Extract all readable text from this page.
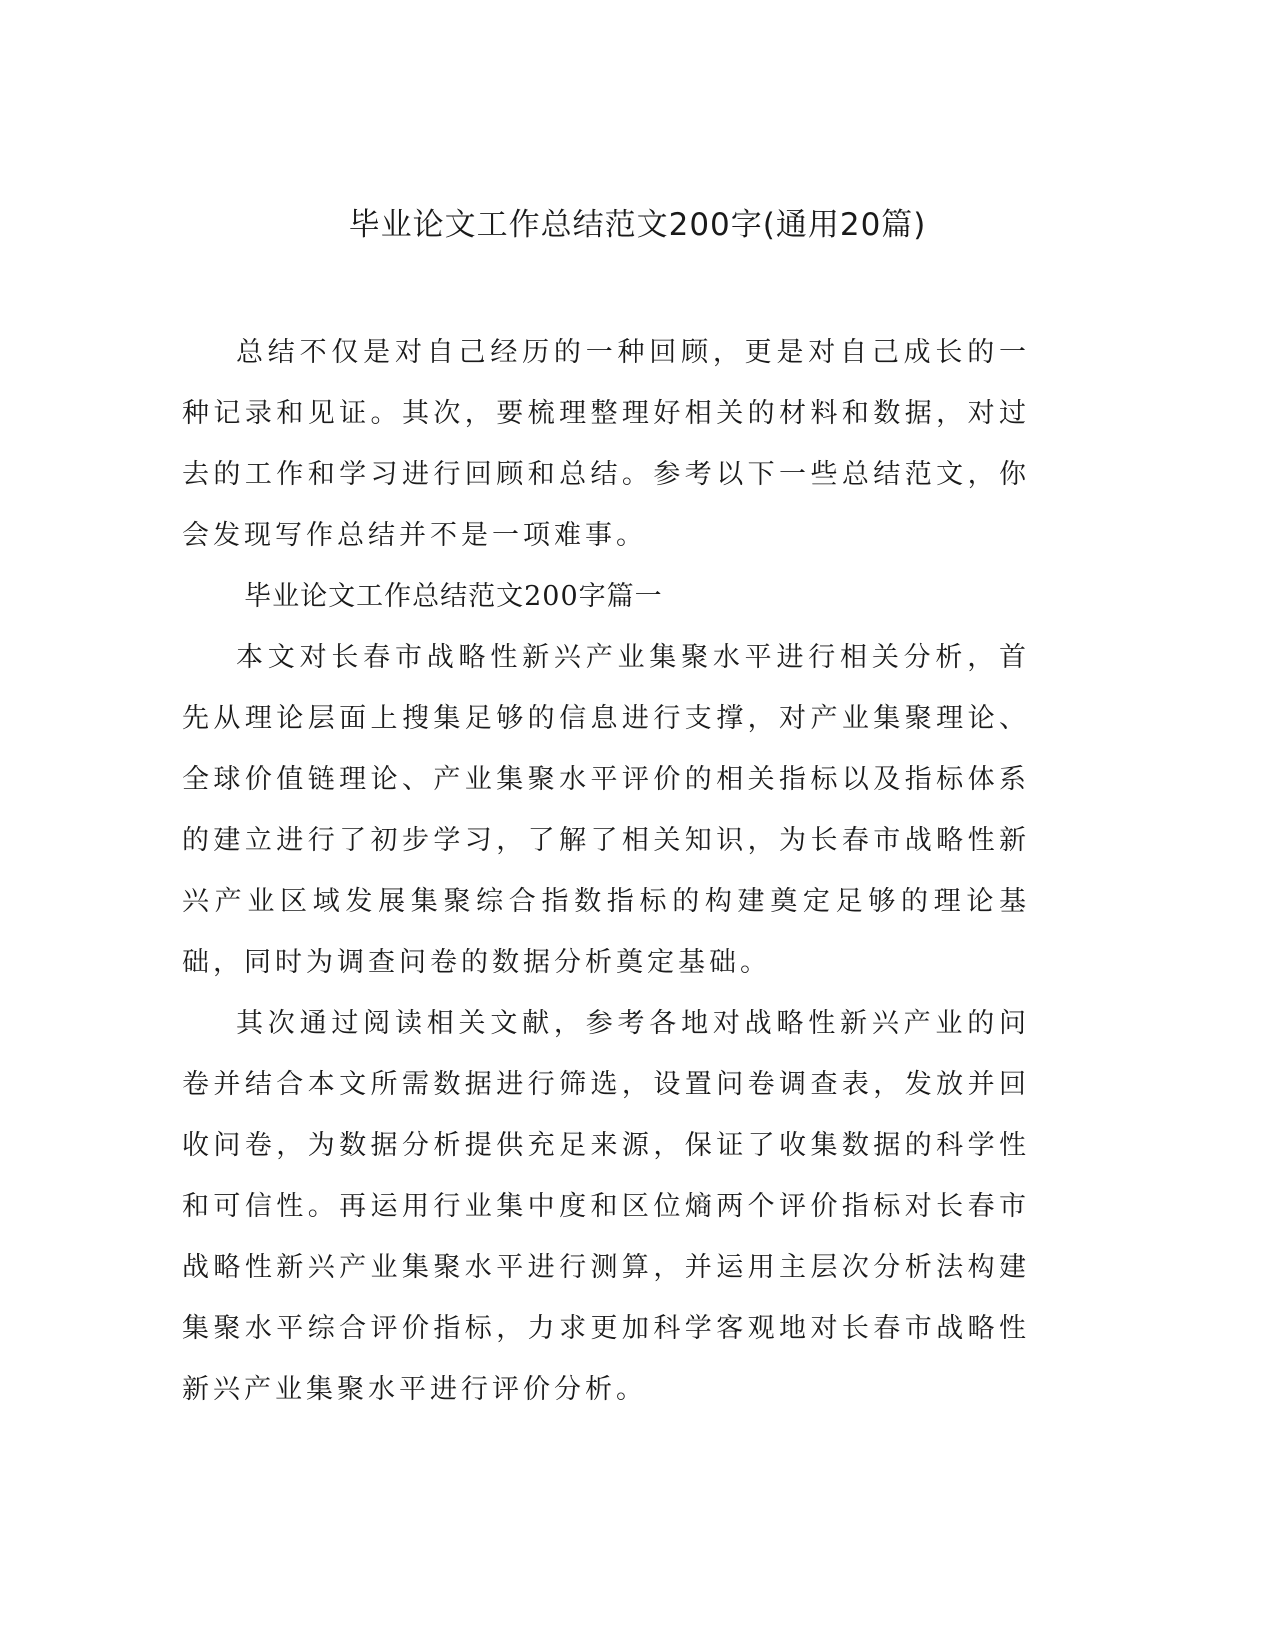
毕业论文工作总结范文200字(通用20篇)

总结不仅是对自己经历的一种回顾，更是对自己成长的一种记录和见证。其次，要梳理整理好相关的材料和数据，对过去的工作和学习进行回顾和总结。参考以下一些总结范文，你会发现写作总结并不是一项难事。

毕业论文工作总结范文200字篇一

本文对长春市战略性新兴产业集聚水平进行相关分析，首先从理论层面上搜集足够的信息进行支撑，对产业集聚理论、全球价值链理论、产业集聚水平评价的相关指标以及指标体系的建立进行了初步学习，了解了相关知识，为长春市战略性新兴产业区域发展集聚综合指数指标的构建奠定足够的理论基础，同时为调查问卷的数据分析奠定基础。

其次通过阅读相关文献，参考各地对战略性新兴产业的问卷并结合本文所需数据进行筛选，设置问卷调查表，发放并回收问卷，为数据分析提供充足来源，保证了收集数据的科学性和可信性。再运用行业集中度和区位熵两个评价指标对长春市战略性新兴产业集聚水平进行测算，并运用主层次分析法构建集聚水平综合评价指标，力求更加科学客观地对长春市战略性新兴产业集聚水平进行评价分析。
